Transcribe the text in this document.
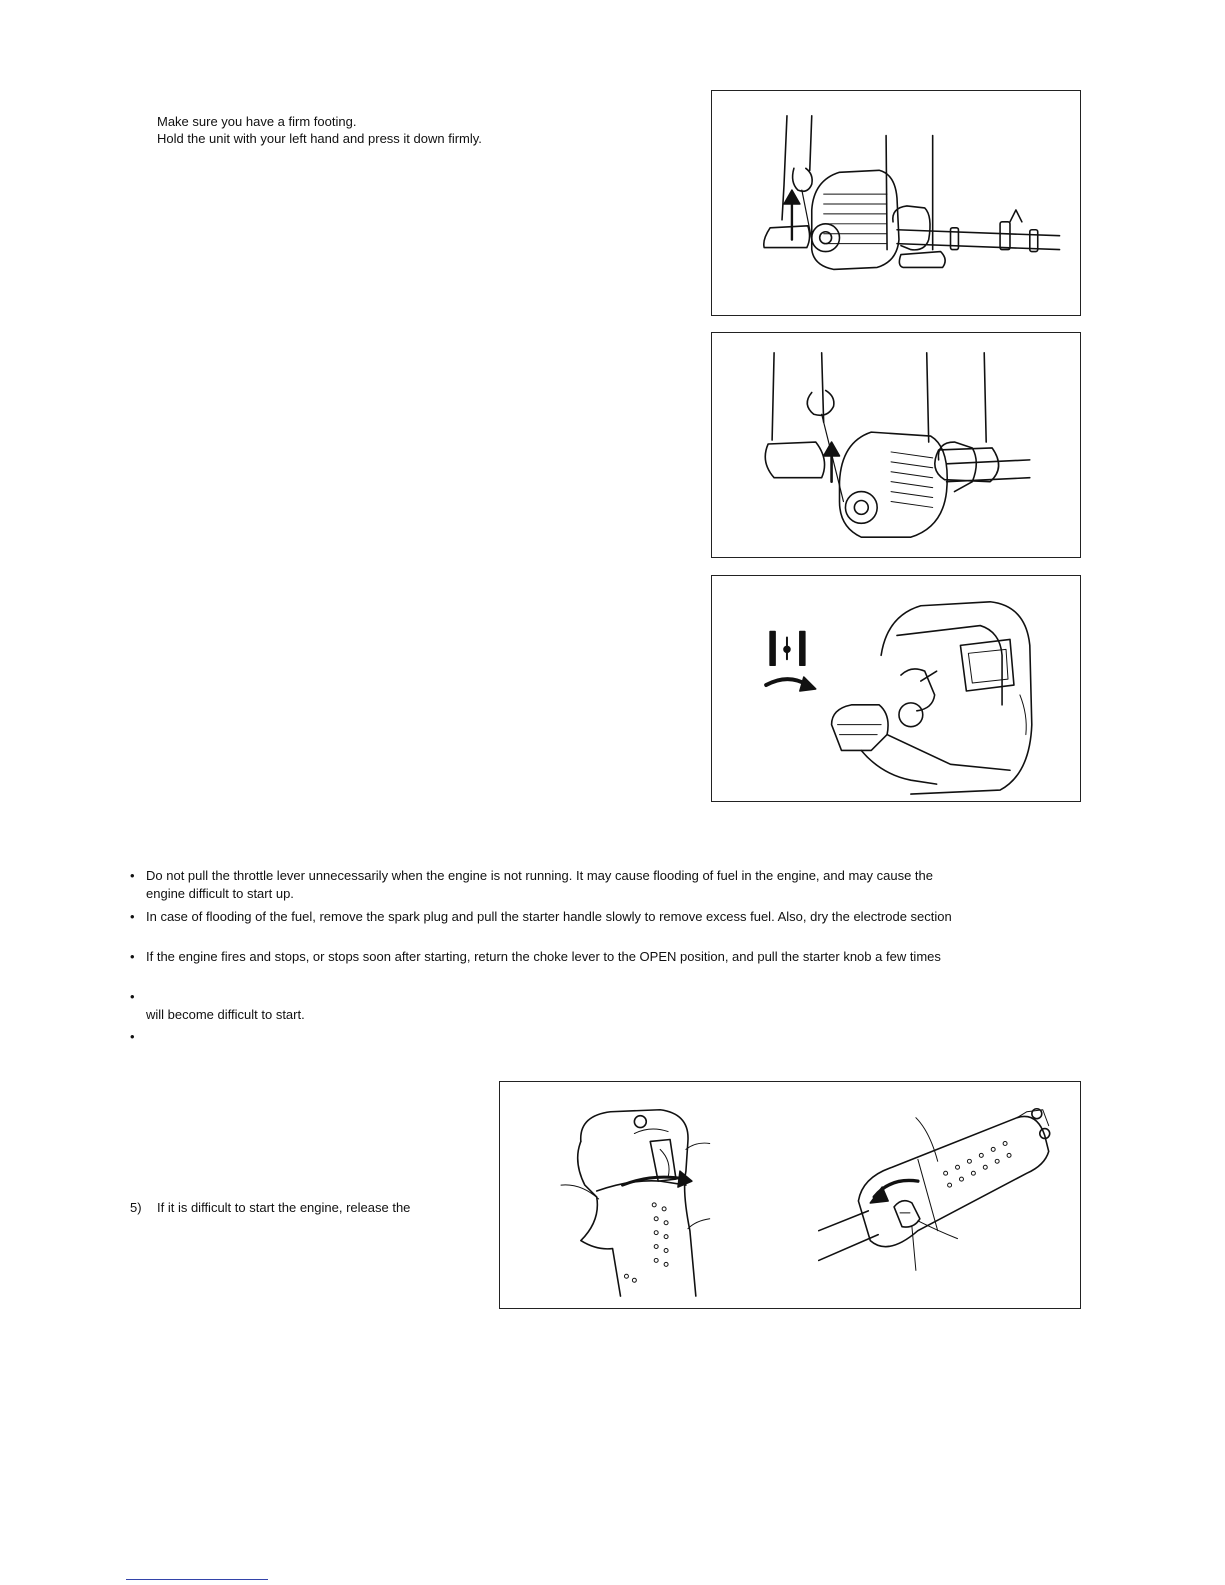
Make sure you have a firm footing.
Hold the unit with your left hand and press it down firmly.
• Do not pull the throttle lever unnecessarily when the engine is not running. It may cause flooding of fuel in the engine, and may cause the
engine difficult to start up.
• In case of flooding of the fuel, remove the spark plug and pull the starter handle slowly to remove excess fuel. Also, dry the electrode section
• If the engine fires and stops, or stops soon after starting, return the choke lever to the OPEN position, and pull the starter knob a few times
•
will become difficult to start.
•
5) If it is difficult to start the engine, release the
